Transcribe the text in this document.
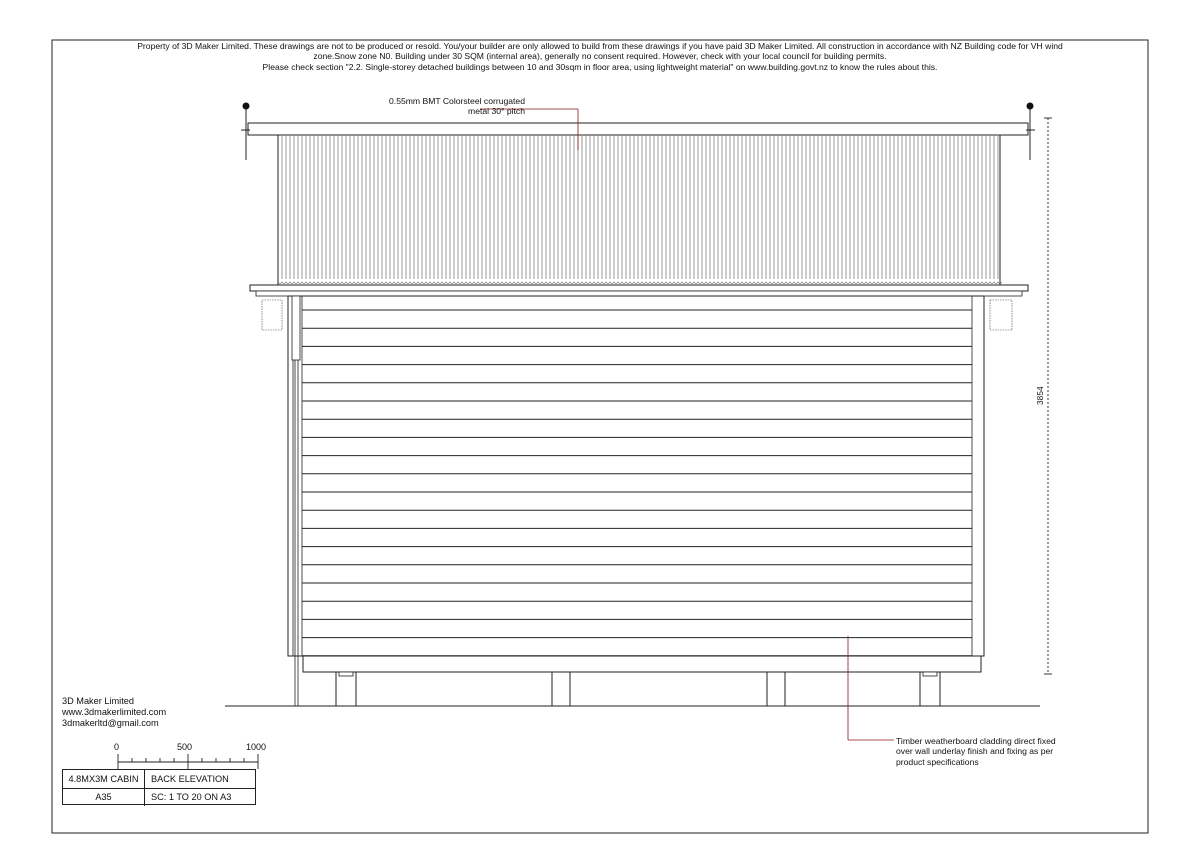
Property of 3D Maker Limited. These drawings are not to be produced or resold. You/your builder are only allowed to build from these drawings if you have paid 3D Maker Limited. All construction in accordance with NZ Building code for VH wind
zone.Snow zone N0. Building under 30 SQM (internal area), generally no consent required. However, check with your local council for building permits.
Please check section "2.2. Single-storey detached buildings between 10 and 30sqm in floor area, using lightweight material" on www.building.govt.nz to know the rules about this.
0.55mm BMT Colorsteel corrugated
metal 30° pitch
Timber weatherboard cladding direct fixed
over wall underlay finish and fixing as per
product specifications
3854
3D Maker Limited
www.3dmakerlimited.com
3dmakerltd@gmail.com
0	500	1000
4.8MX3M CABIN	BACK ELEVATION
A35	SC: 1 TO 20 ON A3
